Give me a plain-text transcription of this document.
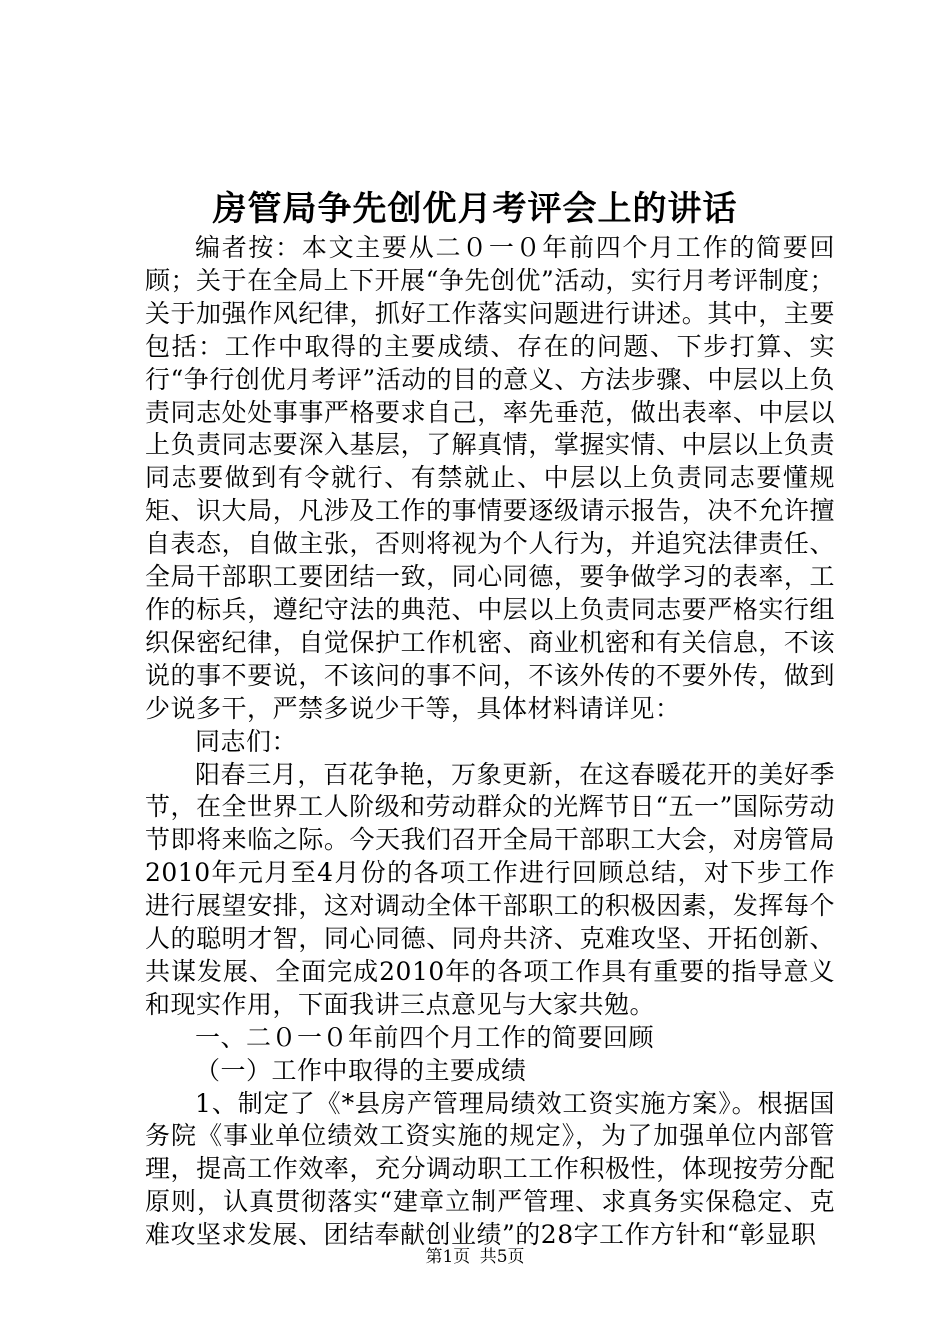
房管局争先创优月考评会上的讲话

编者按：本文主要从二０一０年前四个月工作的简要回顾；关于在全局上下开展“争先创优”活动，实行月考评制度；关于加强作风纪律，抓好工作落实问题进行讲述。其中，主要包括：工作中取得的主要成绩、存在的问题、下步打算、实行“争行创优月考评”活动的目的意义、方法步骤、中层以上负责同志处处事事严格要求自己，率先垂范，做出表率、中层以上负责同志要深入基层，了解真情，掌握实情、中层以上负责同志要做到有令就行、有禁就止、中层以上负责同志要懂规矩、识大局，凡涉及工作的事情要逐级请示报告，决不允许擅自表态，自做主张，否则将视为个人行为，并追究法律责任、全局干部职工要团结一致，同心同德，要争做学习的表率，工作的标兵，遵纪守法的典范、中层以上负责同志要严格实行组织保密纪律，自觉保护工作机密、商业机密和有关信息，不该说的事不要说，不该问的事不问，不该外传的不要外传，做到少说多干，严禁多说少干等，具体材料请详见：

同志们：

阳春三月，百花争艳，万象更新，在这春暖花开的美好季节，在全世界工人阶级和劳动群众的光辉节日“五一”国际劳动节即将来临之际。今天我们召开全局干部职工大会，对房管局2010年元月至4月份的各项工作进行回顾总结，对下步工作进行展望安排，这对调动全体干部职工的积极因素，发挥每个人的聪明才智，同心同德、同舟共济、克难攻坚、开拓创新、共谋发展、全面完成2010年的各项工作具有重要的指导意义和现实作用，下面我讲三点意见与大家共勉。

一、二０一０年前四个月工作的简要回顾

（一）工作中取得的主要成绩

1、制定了《*县房产管理局绩效工资实施方案》。根据国务院《事业单位绩效工资实施的规定》，为了加强单位内部管理，提高工作效率，充分调动职工工作积极性，体现按劳分配原则，认真贯彻落实“建章立制严管理、求真务实保稳定、克难攻坚求发展、团结奉献创业绩”的28字工作方针和“彰显职

第1页 共5页
